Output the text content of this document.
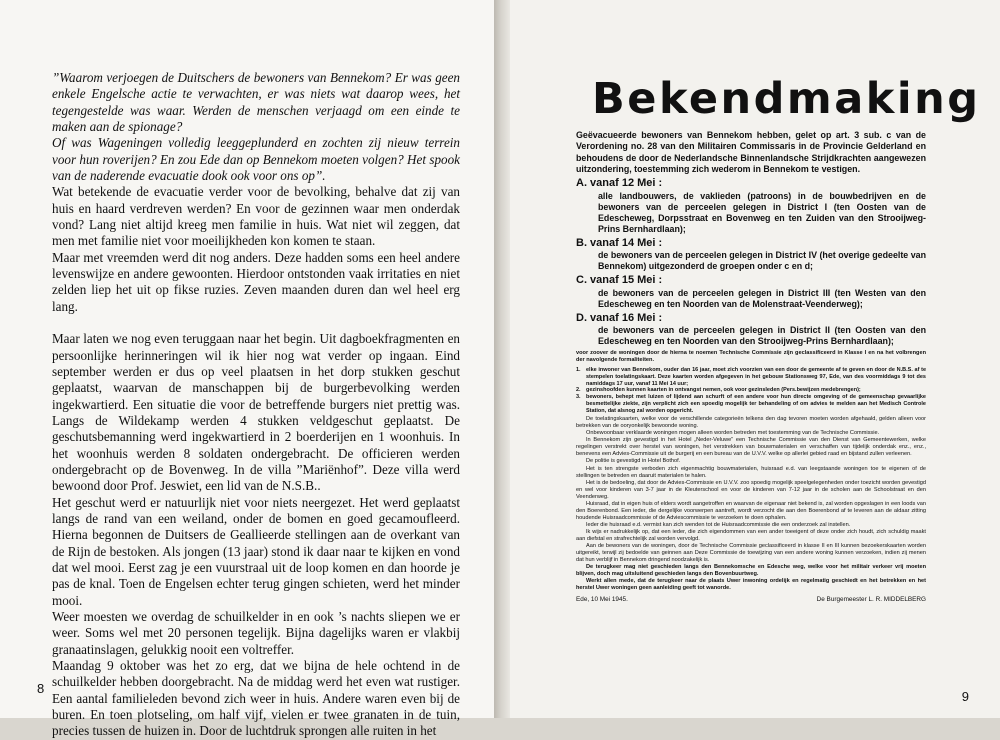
”Waarom verjoegen de Duitschers de bewoners van Bennekom? Er was geen enkele Engelsche actie te verwachten, er was niets wat daarop wees, het tegengestelde was waar. Werden de menschen verjaagd om een einde te maken aan de spionage?

Of was Wageningen volledig leeggeplunderd en zochten zij nieuw terrein voor hun roverijen? En zou Ede dan op Bennekom moeten volgen? Het spook van de naderende evacuatie dook ook voor ons op”.

Wat betekende de evacuatie verder voor de bevolking, behalve dat zij van huis en haard verdreven werden? En voor de gezinnen waar men onderdak vond? Lang niet altijd kreeg men familie in huis. Wat niet wil zeggen, dat men met familie niet voor moeilijkheden kon komen te staan.

Maar met vreemden werd dit nog anders. Deze hadden soms een heel andere levenswijze en andere gewoonten. Hierdoor ontstonden vaak irritaties en niet zelden liep het uit op fikse ruzies. Zeven maanden duren dan wel heel erg lang.

Maar laten we nog even teruggaan naar het begin. Uit dagboekfragmenten en persoonlijke herinneringen wil ik hier nog wat verder op ingaan. Eind september werden er dus op veel plaatsen in het dorp stukken geschut geplaatst, waarvan de manschappen bij de burgerbevolking werden ingekwartierd. Een situatie die voor de betreffende burgers niet prettig was. Langs de Wildekamp werden 4 stukken veldgeschut geplaatst. De geschutsbemanning werd ingekwartierd in 2 boerderijen en 1 woonhuis. In het woonhuis werden 8 soldaten ondergebracht. De officieren werden ondergebracht op de Bovenweg. In de villa ”Mariënhof”. Deze villa werd bewoond door Prof. Jeswiet, een lid van de N.S.B..

Het geschut werd er natuurlijk niet voor niets neergezet. Het werd geplaatst langs de rand van een weiland, onder de bomen en goed gecamoufleerd. Hierna begonnen de Duitsers de Geallieerde stellingen aan de overkant van de Rijn de bestoken. Als jongen (13 jaar) stond ik daar naar te kijken en vond dat wel mooi. Eerst zag je een vuurstraal uit de loop komen en dan hoorde je pas de knal. Toen de Engelsen echter terug gingen schieten, werd het minder mooi.

Weer moesten we overdag de schuilkelder in en ook ’s nachts sliepen we er weer. Soms wel met 20 personen tegelijk. Bijna dagelijks waren er vlakbij granaatinslagen, gelukkig nooit een voltreffer.

Maandag 9 oktober was het zo erg, dat we bijna de hele ochtend in de schuilkelder hebben doorgebracht. Na de middag werd het even wat rustiger. Een aantal familieleden bevond zich weer in huis. Andere waren even bij de buren. En toen plotseling, om half vijf, vielen er twee granaten in de tuin, precies tussen de huizen in. Door de luchtdruk sprongen alle ruiten in het

8
Bekendmaking

Geëvacueerde bewoners van Bennekom hebben, gelet op art. 3 sub. c van de Verordening no. 28 van den Militairen Commissaris in de Provincie Gelderland en behoudens de door de Nederlandsche Binnenlandsche Strijdkrachten aangewezen uitzondering, toestemming zich wederom in Bennekom te vestigen.

A. vanaf 12 Mei :
alle landbouwers, de vaklieden (patroons) in de bouwbedrijven en de bewoners van de perceelen gelegen in District I (ten Oosten van de Edescheweg, Dorpsstraat en Bovenweg en ten Zuiden van den Strooijweg-Prins Bernhardlaan);
B. vanaf 14 Mei :
de bewoners van de perceelen gelegen in District IV (het overige gedeelte van Bennekom) uitgezonderd de groepen onder c en d;
C. vanaf 15 Mei :
de bewoners van de perceelen gelegen in District III (ten Westen van den Edescheweg en ten Noorden van de Molenstraat-Veenderweg);
D. vanaf 16 Mei :
de bewoners van de perceelen gelegen in District II (ten Oosten van den Edescheweg en ten Noorden van den Strooijweg-Prins Bernhardlaan);

voor zoover de woningen door de hierna te noemen Technische Commissie zijn geclassificeerd in Klasse I en na het volbrengen der navolgende formaliteiten.

1. elke inwoner van Bennekom, ouder dan 16 jaar, moet zich voorzien van een door de gemeente af te geven en door de N.B.S. af te stempelen toelatingskaart. Deze kaarten worden afgegeven in het gebouw Stationsweg 97, Ede, van des voormiddags 9 tot des namiddags 17 uur, vanaf 11 Mei 14 uur;
2. gezinshoofden kunnen kaarten in ontvangst nemen, ook voor gezinsleden (Pers.bewijzen medebrengen);
3. bewoners, behept met luizen of lijdend aan schurft of een andere voor hun directe omgeving of de gemeenschap gevaarlijke besmettelijke ziekte, zijn verplicht zich een spoedig mogelijk ter behandeling of om advies te melden aan het Medisch Controle Station, dat alsnog zal worden opgericht.

De toelatingskaarten, welke voor de verschillende categorieën telkens den dag tevoren moeten worden afgehaald, gelden alleen voor betrekken van de ooryonkelijk bewoonde woning.

Onbewoonbaar verklaarde woningen mogen alleen worden betreden met toestemming van de Technische Commissie.

In Bennekom zijn gevestigd in het Hotel „Neder-Veluwe” een Technische Commissie van den Dienst van Gemeentewerken, welke regelingen verstrekt over herstel van woningen, het verstrekken van bouwmaterialen en verschaffen van tijdelijk onderdak enz., enz., benevens een Advies-Commissie uit de burgerij en een bureau van de U.V.V. welke op allerlei gebied raad en bijstand zullen verleenen.

De politie is gevestigd in Hotel Bothof.

Het is ten strengste verboden zich eigenmachtig bouwmaterialen, huisraad e.d. van leegstaande woningen toe te eigenen of de stellingen te betreden en daaruit materialen te halen.

Het is de bedoeling, dat door de Advies-Commissie en U.V.V. zoo spoedig mogelijk speelgelegenheden onder toezicht worden gevestigd en wel voor kinderen van 3-7 jaar in de Kleuterschool en voor de kinderen van 7-12 jaar in de scholen aan de Schoolstraat en den Veenderweg.

Huisraad, dat in eigen huis of elders wordt aangetroffen en waarvan de eigenaar niet bekend is, zal worden opgeslagen in een loods van den Boerenbond. Een ieder, die dergelijke voorwerpen aantreft, wordt verzocht die aan den Boerenbond af te leveren aan de aldaar zitting houdende Huisraadcommissie of de Adviescommissie te verzoeken te doen ophalen.

Ieder die huisraad e.d. vermist kan zich wenden tot de Huisraadcommissie die een onderzoek zal instellen.

Ik wijs er nadrukkelijk op, dat een ieder, die zich eigendommen van een ander toeeigent of deze onder zich houdt, zich schuldig maakt aan diefstal en strafrechtelijk zal worden vervolgd.

Aan de bewoners van de woningen, door de Technische Commissie geclassificeerd in klasse II en III kunnen bezoekerskaarten worden uitgereikt, terwijl zij bedoelde van geinnen aan Deze Commissie de toewijzing van een andere woning kunnen verzoeken, indien zij menen dat hun verblijf in Bennekom dringend noodzakelijk is.

De terugkeer mag niet geschieden langs den Bennekomsche en Edesche weg, welke voor het militair verkeer vrij moeten blijven, doch mag uitsluitend geschieden langs den Bovenbuurtweg.

Werkt allen mede, dat de terugkeer naar de plaats Uwer inwoning ordelijk en regelmatig geschiedt en het betrekken en het herstel Uwer woningen geen aanleiding geeft tot wanorde.

Ede, 10 Mei 1945.	De Burgemeester L. R. MIDDELBERG
9
